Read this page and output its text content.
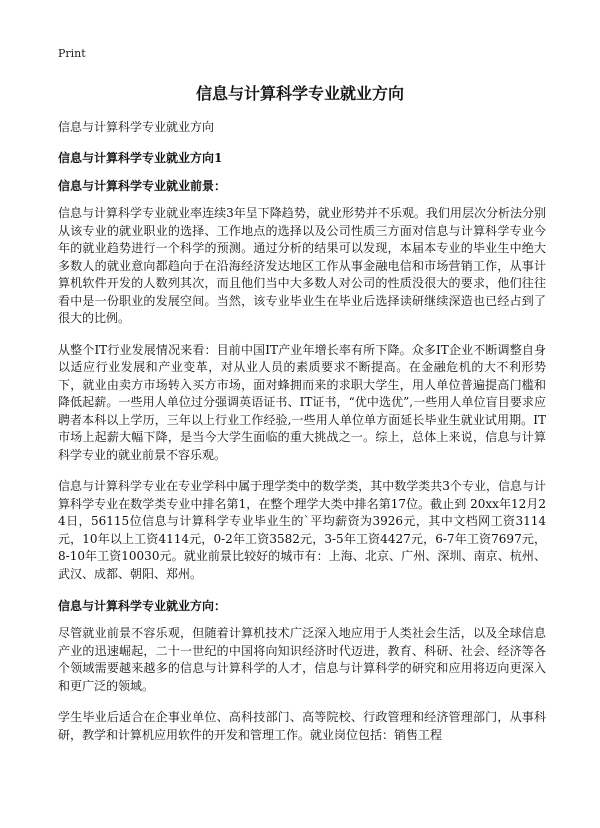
Print
信息与计算科学专业就业方向
信息与计算科学专业就业方向
信息与计算科学专业就业方向1
信息与计算科学专业就业前景：

信息与计算科学专业就业率连续3年呈下降趋势，就业形势并不乐观。我们用层次分析法分别从该专业的就业职业的选择、工作地点的选择以及公司性质三方面对信息与计算科学专业今年的就业趋势进行一个科学的预测。通过分析的结果可以发现，本届本专业的毕业生中绝大多数人的就业意向都趋向于在沿海经济发达地区工作从事金融电信和市场营销工作，从事计算机软件开发的人数列其次，而且他们当中大多数人对公司的性质没很大的要求，他们往往看中是一份职业的发展空间。当然，该专业毕业生在毕业后选择读研继续深造也已经占到了很大的比例。

从整个IT行业发展情况来看：目前中国IT产业年增长率有所下降。众多IT企业不断调整自身以适应行业发展和产业变革，对从业人员的素质要求不断提高。在金融危机的大不利形势下，就业由卖方市场转入买方市场，面对蜂拥而来的求职大学生，用人单位普遍提高门槛和降低起薪。一些用人单位过分强调英语证书、IT证书，“优中选优”,一些用人单位盲目要求应聘者本科以上学历，三年以上行业工作经验,一些用人单位单方面延长毕业生就业试用期。IT市场上起薪大幅下降，是当今大学生面临的重大挑战之一。综上，总体上来说，信息与计算科学专业的就业前景不容乐观。

信息与计算科学专业在专业学科中属于理学类中的数学类，其中数学类共3个专业，信息与计算科学专业在数学类专业中排名第1，在整个理学大类中排名第17位。截止到 20xx年12月24日，56115位信息与计算科学专业毕业生的`平均薪资为3926元，其中文档网工资3114元，10年以上工资4114元，0-2年工资3582元，3-5年工资4427元，6-7年工资7697元，8-10年工资10030元。就业前景比较好的城市有：上海、北京、广州、深圳、南京、杭州、武汉、成都、朝阳、郑州。

信息与计算科学专业就业方向：

尽管就业前景不容乐观，但随着计算机技术广泛深入地应用于人类社会生活，以及全球信息产业的迅速崛起，二十一世纪的中国将向知识经济时代迈进，教育、科研、社会、经济等各个领域需要越来越多的信息与计算科学的人才，信息与计算科学的研究和应用将迈向更深入和更广泛的领域。

学生毕业后适合在企事业单位、高科技部门、高等院校、行政管理和经济管理部门，从事科研，教学和计算机应用软件的开发和管理工作。就业岗位包括：销售工程
